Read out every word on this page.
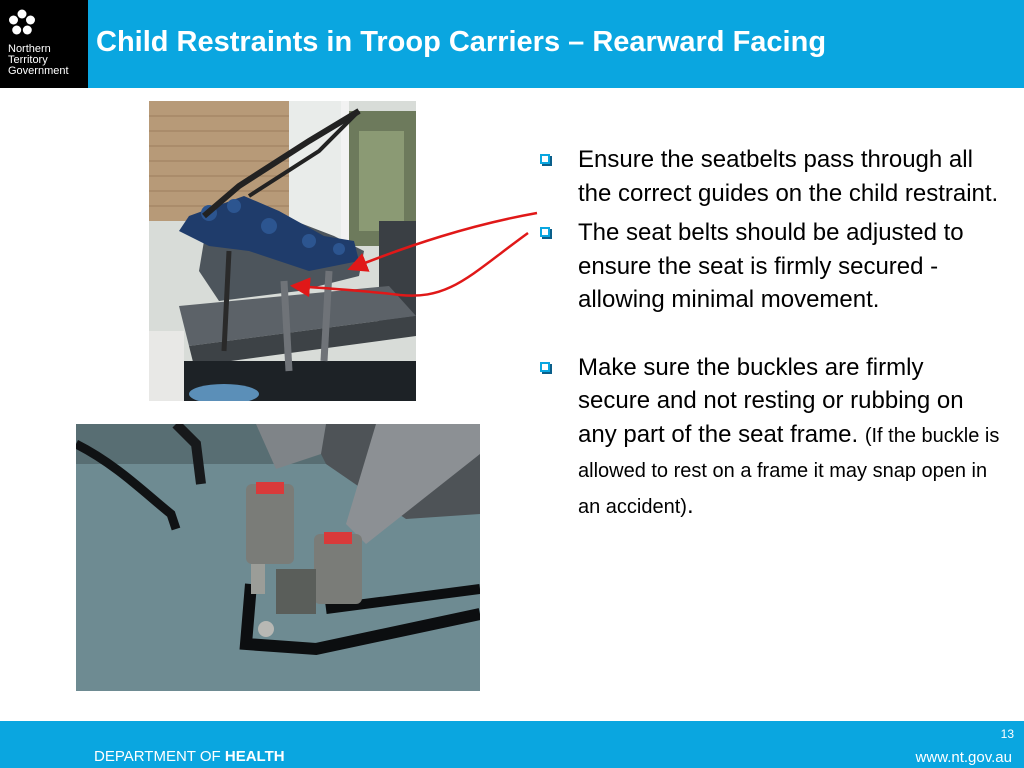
Northern
Territory
Government
Child Restraints in Troop Carriers – Rearward Facing
Ensure the seatbelts pass through all the correct guides on the child restraint.
The seat belts should be adjusted to ensure the seat is firmly secured - allowing minimal movement.
Make sure the buckles are firmly secure and not resting or rubbing on any part of the seat frame. (If the buckle is allowed to rest on a frame it may snap open in an accident).
DEPARTMENT OF HEALTH
13
www.nt.gov.au
